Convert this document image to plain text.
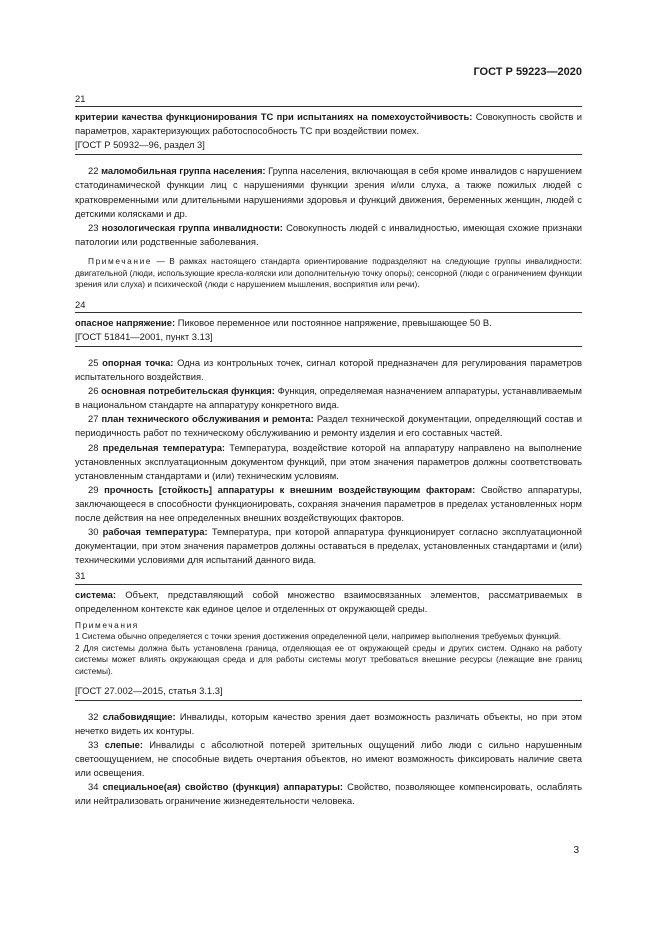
ГОСТ Р 59223—2020
21

критерии качества функционирования ТС при испытаниях на помехоустойчивость: Совокупность свойств и параметров, характеризующих работоспособность ТС при воздействии помех.

[ГОСТ Р 50932—96, раздел 3]

22 маломобильная группа населения: Группа населения, включающая в себя кроме инвалидов с нарушением статодинамической функции лиц с нарушениями функции зрения и/или слуха, а также пожилых людей с кратковременными или длительными нарушениями здоровья и функций движения, беременных женщин, людей с детскими колясками и др.

23 нозологическая группа инвалидности: Совокупность людей с инвалидностью, имеющая схожие признаки патологии или родственные заболевания.

Примечание — В рамках настоящего стандарта ориентирование подразделяют на следующие группы инвалидности: двигательной (люди, использующие кресла-коляски или дополнительную точку опоры); сенсорной (люди с ограничением функции зрения или слуха) и психической (люди с нарушением мышления, восприятия или речи).

24

опасное напряжение: Пиковое переменное или постоянное напряжение, превышающее 50 В.

[ГОСТ 51841—2001, пункт 3.13]

25 опорная точка: Одна из контрольных точек, сигнал которой предназначен для регулирования параметров испытательного воздействия.

26 основная потребительская функция: Функция, определяемая назначением аппаратуры, устанавливаемым в национальном стандарте на аппаратуру конкретного вида.

27 план технического обслуживания и ремонта: Раздел технической документации, определяющий состав и периодичность работ по техническому обслуживанию и ремонту изделия и его составных частей.

28 предельная температура: Температура, воздействие которой на аппаратуру направлено на выполнение установленных эксплуатационным документом функций, при этом значения параметров должны соответствовать установленным стандартами и (или) техническим условиям.

29 прочность [стойкость] аппаратуры к внешним воздействующим факторам: Свойство аппаратуры, заключающееся в способности функционировать, сохраняя значения параметров в пределах установленных норм после действия на нее определенных внешних воздействующих факторов.

30 рабочая температура: Температура, при которой аппаратура функционирует согласно эксплуатационной документации, при этом значения параметров должны оставаться в пределах, установленных стандартами и (или) техническими условиями для испытаний данного вида.

31

система: Объект, представляющий собой множество взаимосвязанных элементов, рассматриваемых в определенном контексте как единое целое и отделенных от окружающей среды.

Примечания

1 Система обычно определяется с точки зрения достижения определенной цели, например выполнения требуемых функций.

2 Для системы должна быть установлена граница, отделяющая ее от окружающей среды и других систем. Однако на работу системы может влиять окружающая среда и для работы системы могут требоваться внешние ресурсы (лежащие вне границ системы).

[ГОСТ 27.002—2015, статья 3.1.3]

32 слабовидящие: Инвалиды, которым качество зрения дает возможность различать объекты, но при этом нечетко видеть их контуры.

33 слепые: Инвалиды с абсолютной потерей зрительных ощущений либо люди с сильно нарушенным светоощущением, не способные видеть очертания объектов, но имеют возможность фиксировать наличие света или освещения.

34 специальное(ая) свойство (функция) аппаратуры: Свойство, позволяющее компенсировать, ослаблять или нейтрализовать ограничение жизнедеятельности человека.

3
